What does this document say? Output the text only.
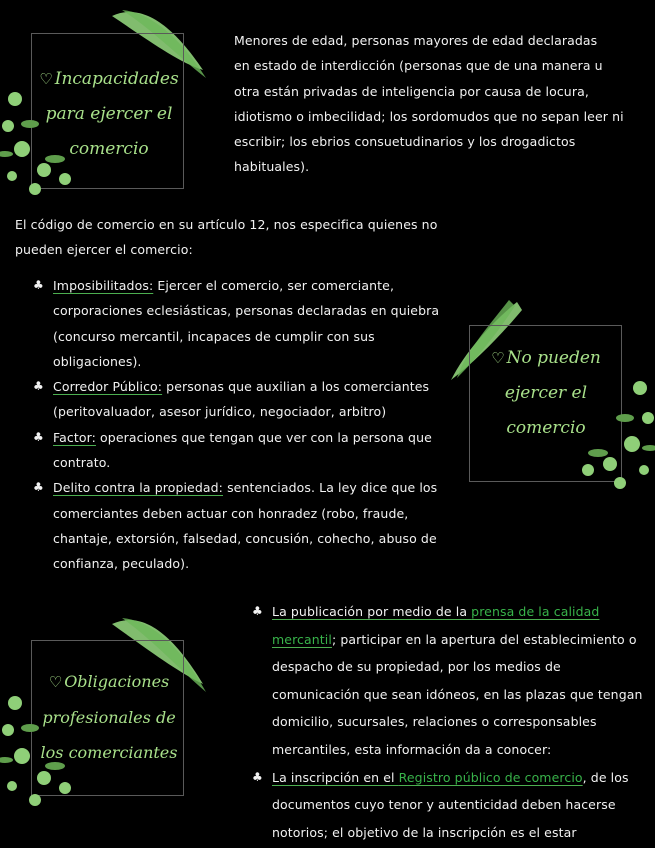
♡ Incapacidades
para ejercer el
comercio
Menores de edad, personas mayores de edad declaradas
en estado de interdicción (personas que de una manera u
otra están privadas de inteligencia por causa de locura,
idiotismo o imbecilidad; los sordomudos que no sepan leer ni
escribir; los ebrios consuetudinarios y los drogadictos
habituales).
El código de comercio en su artículo 12, nos especifica quienes no
pueden ejercer el comercio:
♣ Imposibilitados: Ejercer el comercio, ser comerciante,
corporaciones eclesiásticas, personas declaradas en quiebra
(concurso mercantil, incapaces de cumplir con sus
obligaciones).
♣ Corredor Público: personas que auxilian a los comerciantes
(peritovaluador, asesor jurídico, negociador, arbitro)
♣ Factor: operaciones que tengan que ver con la persona que
contrato.
♣ Delito contra la propiedad: sentenciados. La ley dice que los
comerciantes deben actuar con honradez (robo, fraude,
chantaje, extorsión, falsedad, concusión, cohecho, abuso de
confianza, peculado).
♡ No pueden
ejercer el
comercio
♡ Obligaciones
profesionales de
los comerciantes
♣ La publicación por medio de la prensa de la calidad
mercantil; participar en la apertura del establecimiento o
despacho de su propiedad, por los medios de
comunicación que sean idóneos, en las plazas que tengan
domicilio, sucursales, relaciones o corresponsables
mercantiles, esta información da a conocer:
♣ La inscripción en el Registro público de comercio, de los
documentos cuyo tenor y autenticidad deben hacerse
notorios; el objetivo de la inscripción es el estar
